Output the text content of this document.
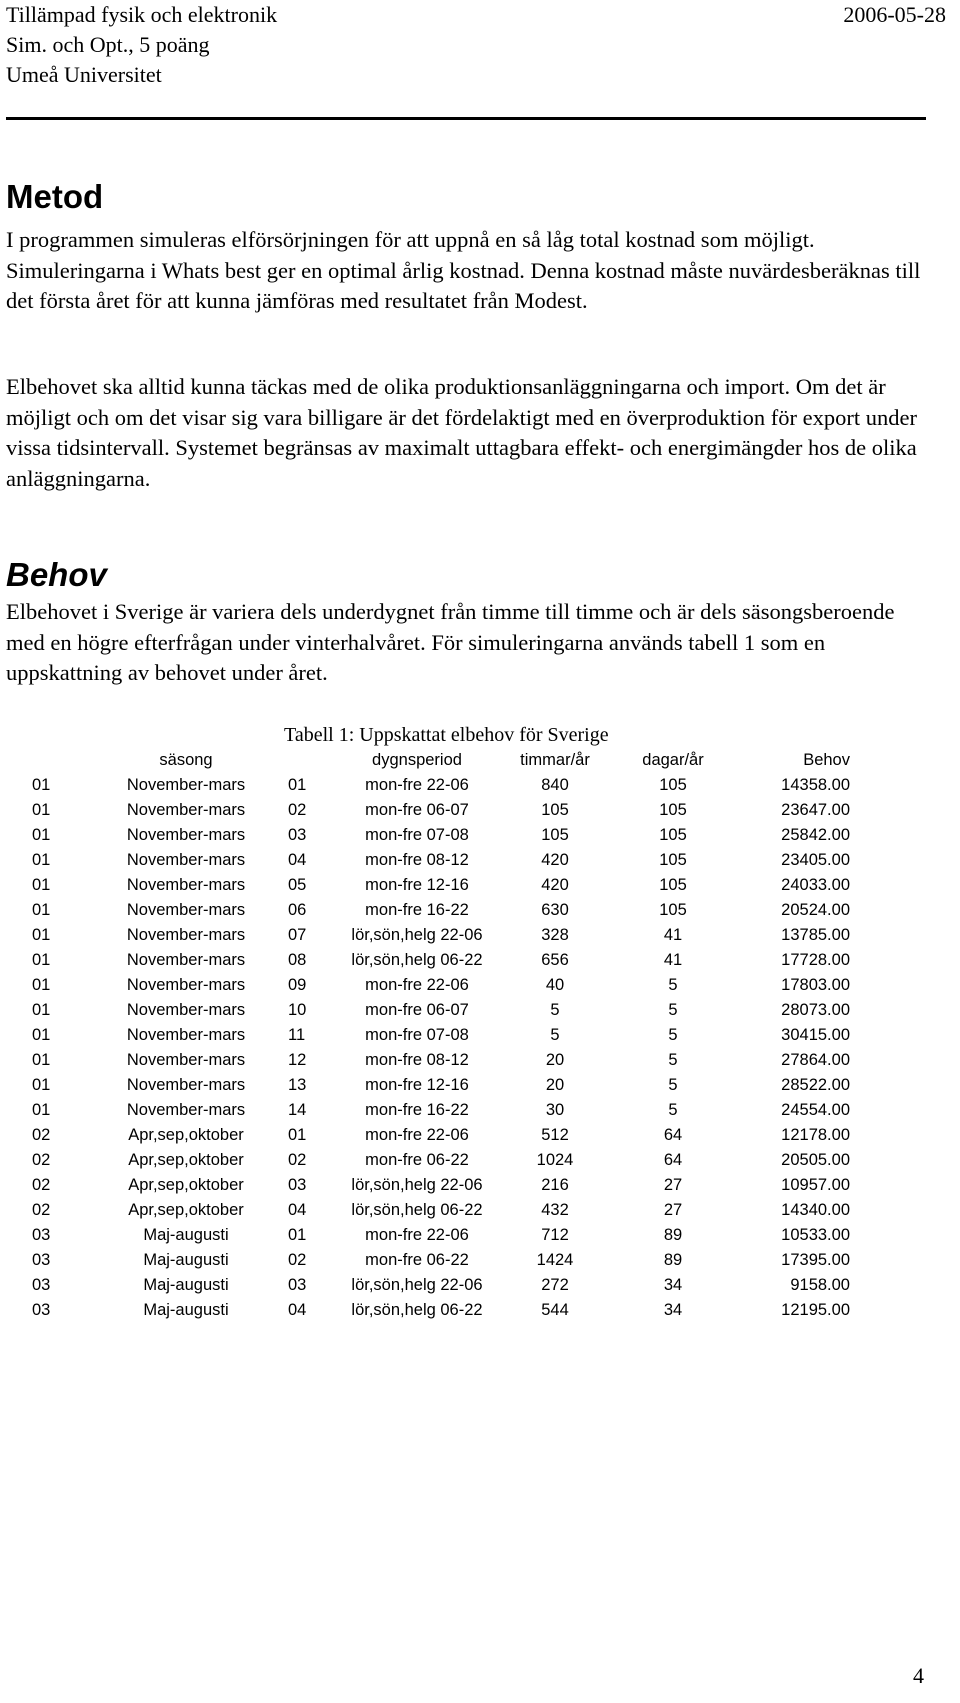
Tillämpad fysik och elektronik
Sim. och Opt., 5 poäng
Umeå Universitet
2006-05-28
Metod

I programmen simuleras elförsörjningen för att uppnå en så låg total kostnad som möjligt. Simuleringarna i Whats best ger en optimal årlig kostnad. Denna kostnad måste nuvärdesberäknas till det första året för att kunna jämföras med resultatet från Modest.

Elbehovet ska alltid kunna täckas med de olika produktionsanläggningarna och import. Om det är möjligt och om det visar sig vara billigare är det fördelaktigt med en överproduktion för export under vissa tidsintervall. Systemet begränsas av maximalt uttagbara effekt- och energimängder hos de olika anläggningarna.

Behov

Elbehovet i Sverige är variera dels underdygnet från timme till timme och är dels säsongsberoende med en högre efterfrågan under vinterhalvåret. För simuleringarna används tabell 1 som en uppskattning av behovet under året.

Tabell 1: Uppskattat elbehov för Sverige
	säsong		dygnsperiod	timmar/år	dagar/år	Behov
01	November-mars	01	mon-fre 22-06	840	105	14358.00
01	November-mars	02	mon-fre 06-07	105	105	23647.00
01	November-mars	03	mon-fre 07-08	105	105	25842.00
01	November-mars	04	mon-fre 08-12	420	105	23405.00
01	November-mars	05	mon-fre 12-16	420	105	24033.00
01	November-mars	06	mon-fre 16-22	630	105	20524.00
01	November-mars	07	lör,sön,helg 22-06	328	41	13785.00
01	November-mars	08	lör,sön,helg 06-22	656	41	17728.00
01	November-mars	09	mon-fre 22-06	40	5	17803.00
01	November-mars	10	mon-fre 06-07	5	5	28073.00
01	November-mars	11	mon-fre 07-08	5	5	30415.00
01	November-mars	12	mon-fre 08-12	20	5	27864.00
01	November-mars	13	mon-fre 12-16	20	5	28522.00
01	November-mars	14	mon-fre 16-22	30	5	24554.00
02	Apr,sep,oktober	01	mon-fre 22-06	512	64	12178.00
02	Apr,sep,oktober	02	mon-fre 06-22	1024	64	20505.00
02	Apr,sep,oktober	03	lör,sön,helg 22-06	216	27	10957.00
02	Apr,sep,oktober	04	lör,sön,helg 06-22	432	27	14340.00
03	Maj-augusti	01	mon-fre 22-06	712	89	10533.00
03	Maj-augusti	02	mon-fre 06-22	1424	89	17395.00
03	Maj-augusti	03	lör,sön,helg 22-06	272	34	9158.00
03	Maj-augusti	04	lör,sön,helg 06-22	544	34	12195.00
4
